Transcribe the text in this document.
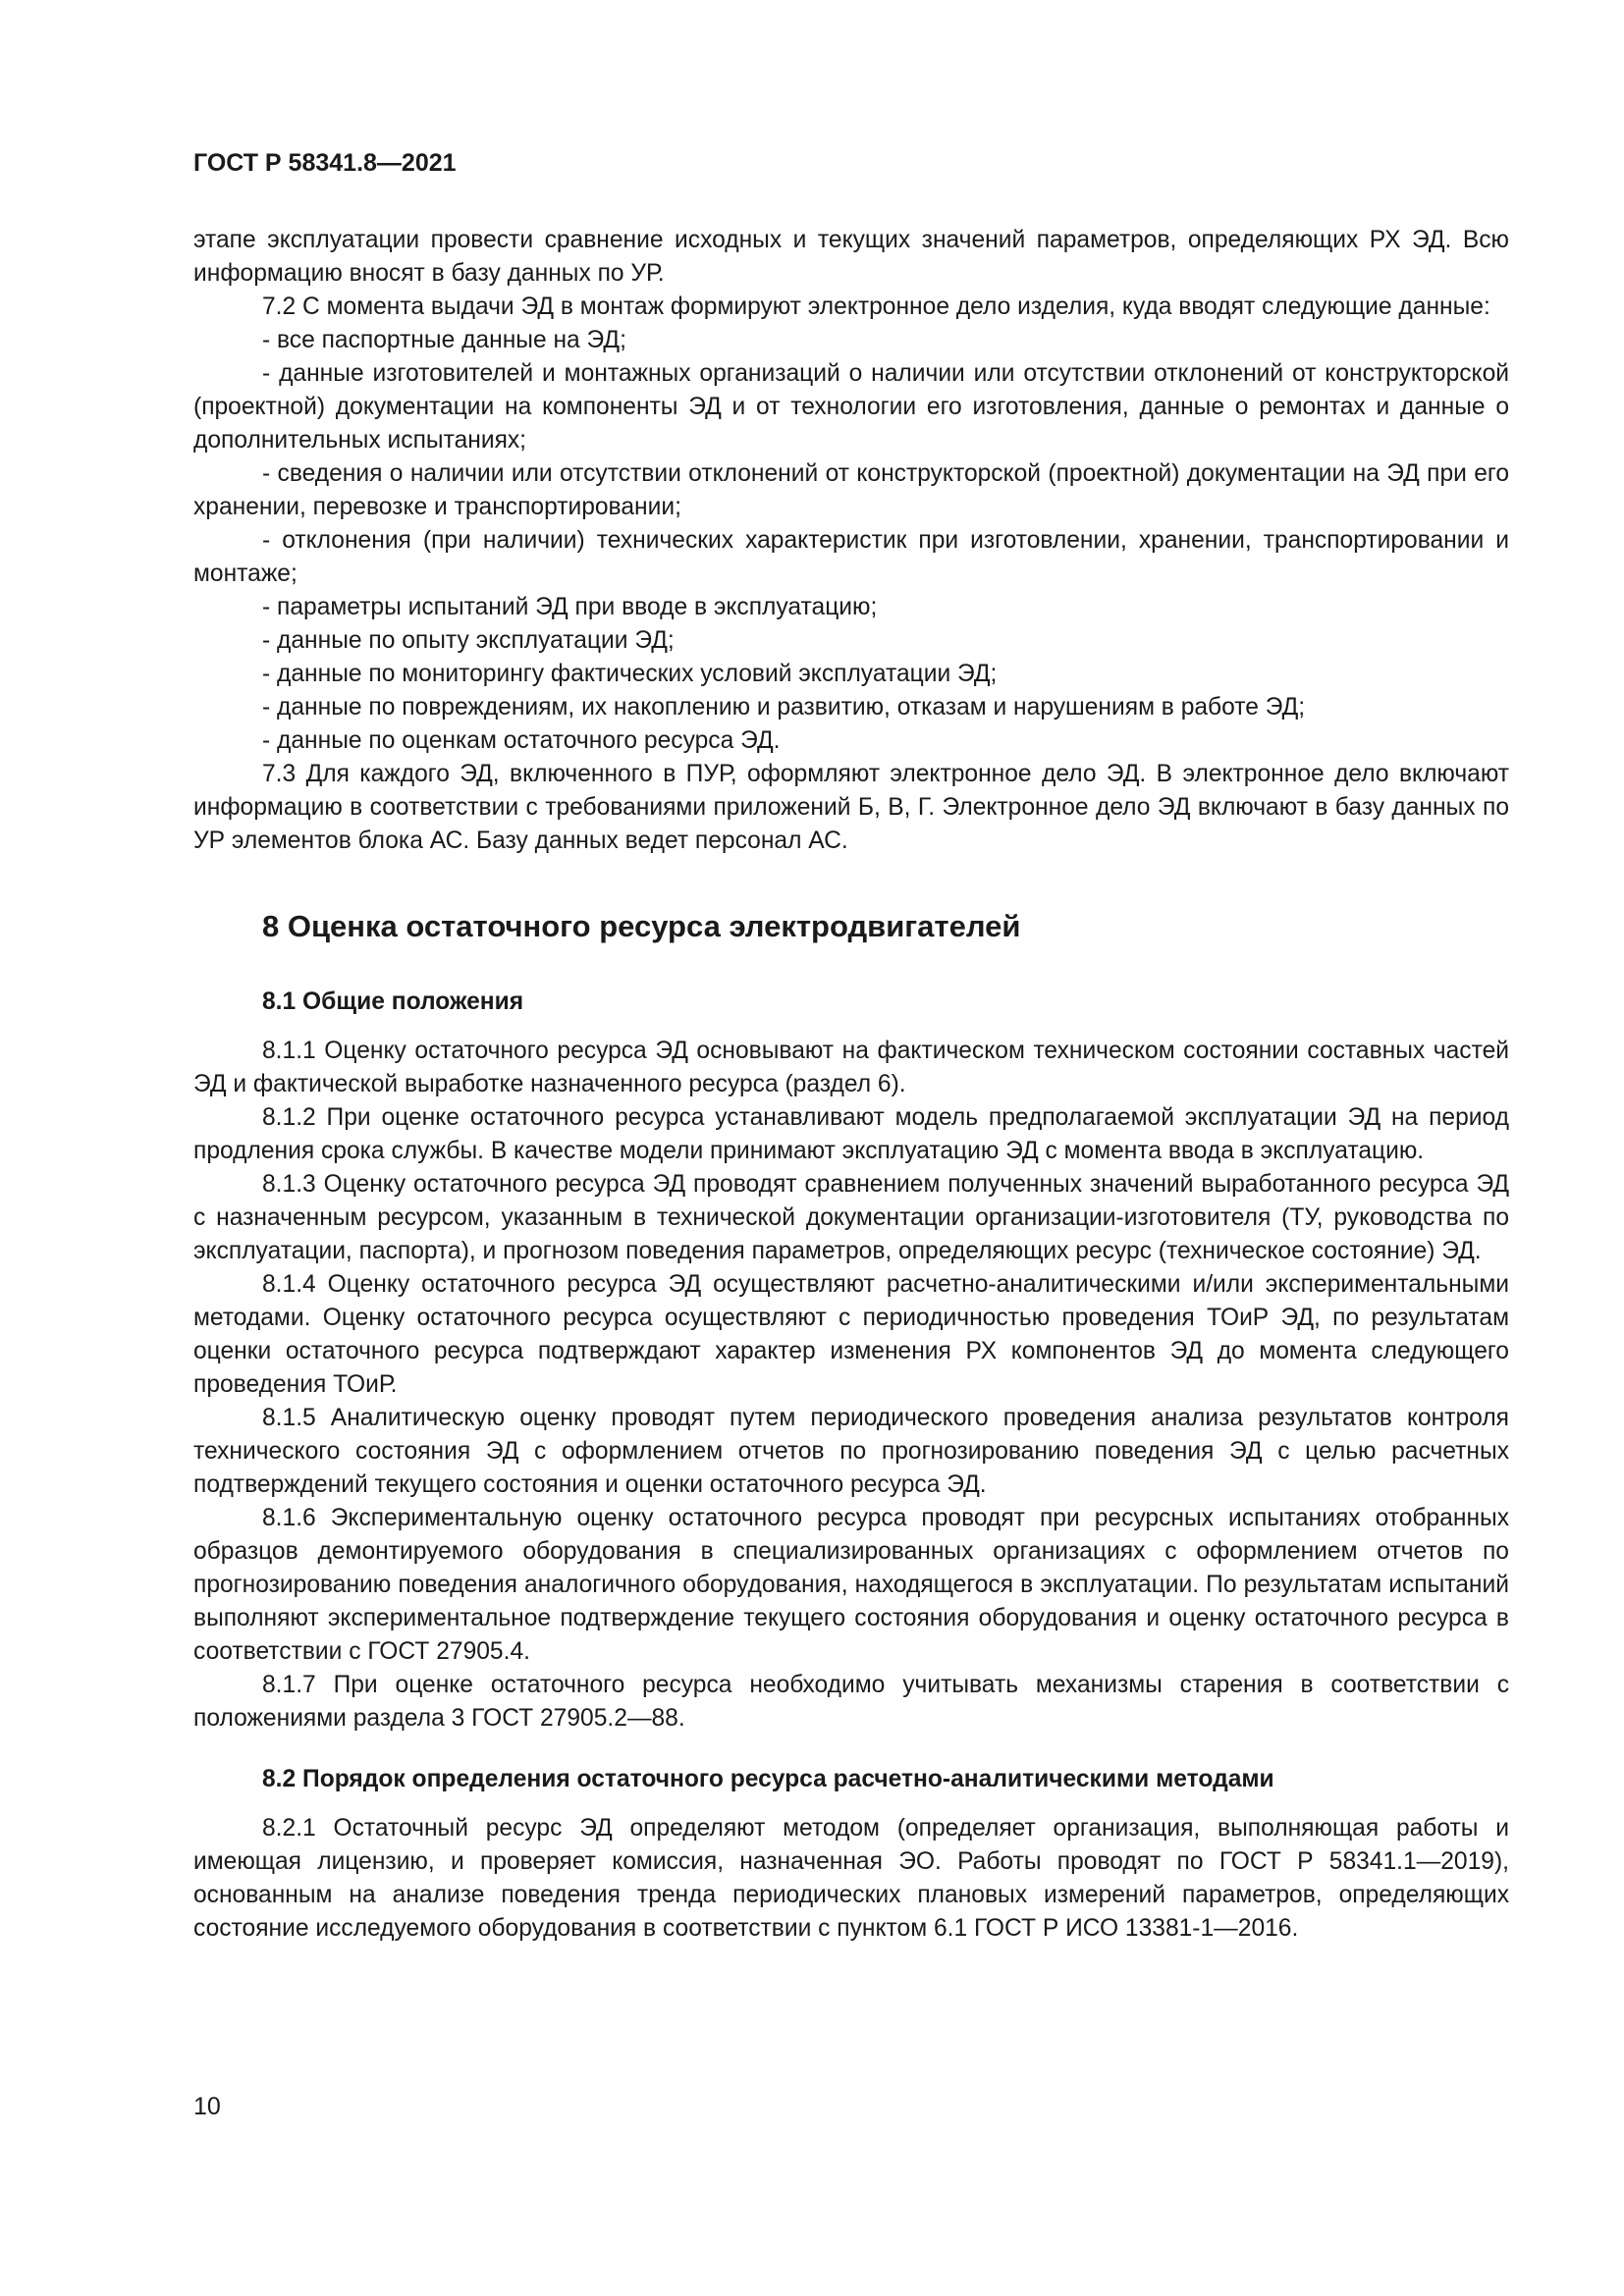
ГОСТ Р 58341.8—2021

этапе эксплуатации провести сравнение исходных и текущих значений параметров, определяющих РХ ЭД. Всю информацию вносят в базу данных по УР.

7.2 С момента выдачи ЭД в монтаж формируют электронное дело изделия, куда вводят следующие данные:

- все паспортные данные на ЭД;

- данные изготовителей и монтажных организаций о наличии или отсутствии отклонений от конструкторской (проектной) документации на компоненты ЭД и от технологии его изготовления, данные о ремонтах и данные о дополнительных испытаниях;

- сведения о наличии или отсутствии отклонений от конструкторской (проектной) документации на ЭД при его хранении, перевозке и транспортировании;

- отклонения (при наличии) технических характеристик при изготовлении, хранении, транспортировании и монтаже;

- параметры испытаний ЭД при вводе в эксплуатацию;

- данные по опыту эксплуатации ЭД;

- данные по мониторингу фактических условий эксплуатации ЭД;

- данные по повреждениям, их накоплению и развитию, отказам и нарушениям в работе ЭД;

- данные по оценкам остаточного ресурса ЭД.

7.3 Для каждого ЭД, включенного в ПУР, оформляют электронное дело ЭД. В электронное дело включают информацию в соответствии с требованиями приложений Б, В, Г. Электронное дело ЭД включают в базу данных по УР элементов блока АС. Базу данных ведет персонал АС.

8 Оценка остаточного ресурса электродвигателей

8.1 Общие положения

8.1.1 Оценку остаточного ресурса ЭД основывают на фактическом техническом состоянии составных частей ЭД и фактической выработке назначенного ресурса (раздел 6).

8.1.2 При оценке остаточного ресурса устанавливают модель предполагаемой эксплуатации ЭД на период продления срока службы. В качестве модели принимают эксплуатацию ЭД с момента ввода в эксплуатацию.

8.1.3 Оценку остаточного ресурса ЭД проводят сравнением полученных значений выработанного ресурса ЭД с назначенным ресурсом, указанным в технической документации организации-изготовителя (ТУ, руководства по эксплуатации, паспорта), и прогнозом поведения параметров, определяющих ресурс (техническое состояние) ЭД.

8.1.4 Оценку остаточного ресурса ЭД осуществляют расчетно-аналитическими и/или экспериментальными методами. Оценку остаточного ресурса осуществляют с периодичностью проведения ТОиР ЭД, по результатам оценки остаточного ресурса подтверждают характер изменения РХ компонентов ЭД до момента следующего проведения ТОиР.

8.1.5 Аналитическую оценку проводят путем периодического проведения анализа результатов контроля технического состояния ЭД с оформлением отчетов по прогнозированию поведения ЭД с целью расчетных подтверждений текущего состояния и оценки остаточного ресурса ЭД.

8.1.6 Экспериментальную оценку остаточного ресурса проводят при ресурсных испытаниях отобранных образцов демонтируемого оборудования в специализированных организациях с оформлением отчетов по прогнозированию поведения аналогичного оборудования, находящегося в эксплуатации. По результатам испытаний выполняют экспериментальное подтверждение текущего состояния оборудования и оценку остаточного ресурса в соответствии с ГОСТ 27905.4.

8.1.7 При оценке остаточного ресурса необходимо учитывать механизмы старения в соответствии с положениями раздела 3 ГОСТ 27905.2—88.

8.2 Порядок определения остаточного ресурса расчетно-аналитическими методами

8.2.1 Остаточный ресурс ЭД определяют методом (определяет организация, выполняющая работы и имеющая лицензию, и проверяет комиссия, назначенная ЭО. Работы проводят по ГОСТ Р 58341.1—2019), основанным на анализе поведения тренда периодических плановых измерений параметров, определяющих состояние исследуемого оборудования в соответствии с пунктом 6.1 ГОСТ Р ИСО 13381-1—2016.

10
